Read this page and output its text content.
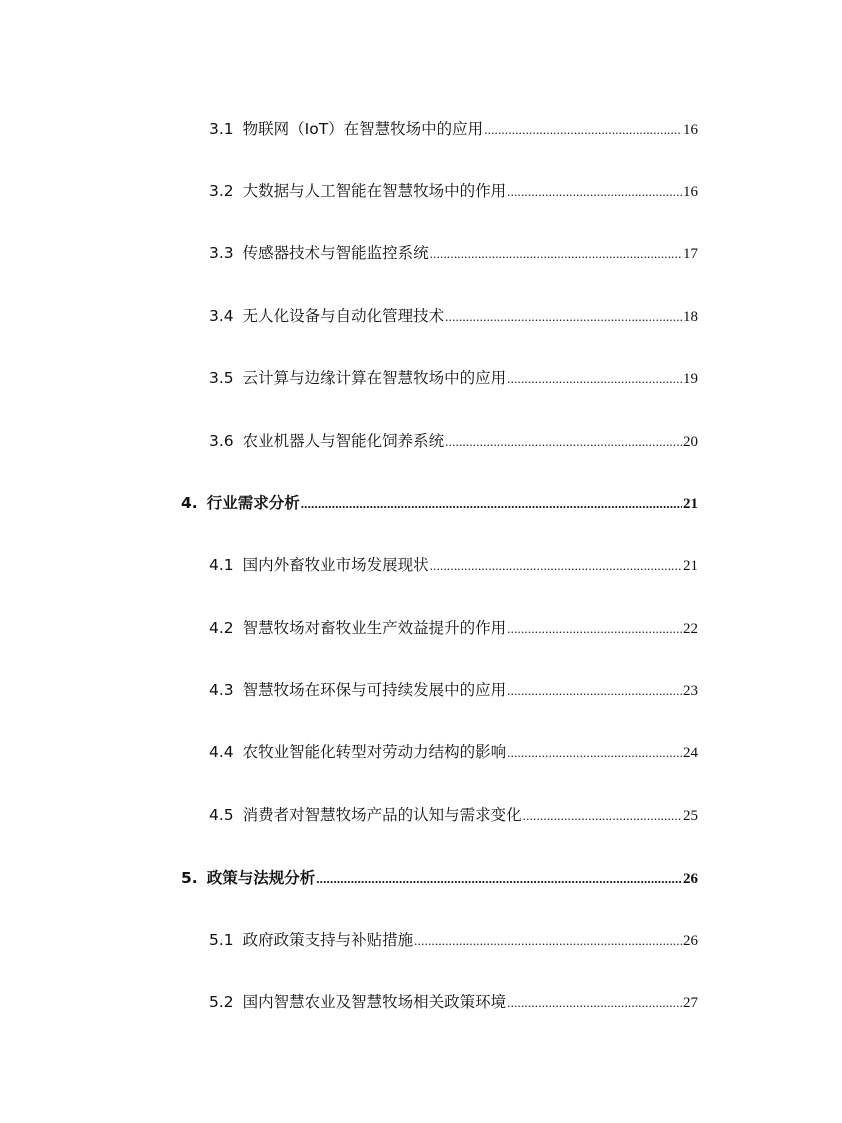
3.1 物联网（IoT）在智慧牧场中的应用 .....	16
3.2 大数据与人工智能在智慧牧场中的作用 .....	16
3.3 传感器技术与智能监控系统 .....	17
3.4 无人化设备与自动化管理技术 .....	18
3.5 云计算与边缘计算在智慧牧场中的应用 .....	19
3.6 农业机器人与智能化饲养系统 .....	20
4. 行业需求分析 .....	21
4.1 国内外畜牧业市场发展现状 .....	21
4.2 智慧牧场对畜牧业生产效益提升的作用 .....	22
4.3 智慧牧场在环保与可持续发展中的应用 .....	23
4.4 农牧业智能化转型对劳动力结构的影响 .....	24
4.5 消费者对智慧牧场产品的认知与需求变化 .....	25
5. 政策与法规分析 .....	26
5.1 政府政策支持与补贴措施 .....	26
5.2 国内智慧农业及智慧牧场相关政策环境 .....	27
